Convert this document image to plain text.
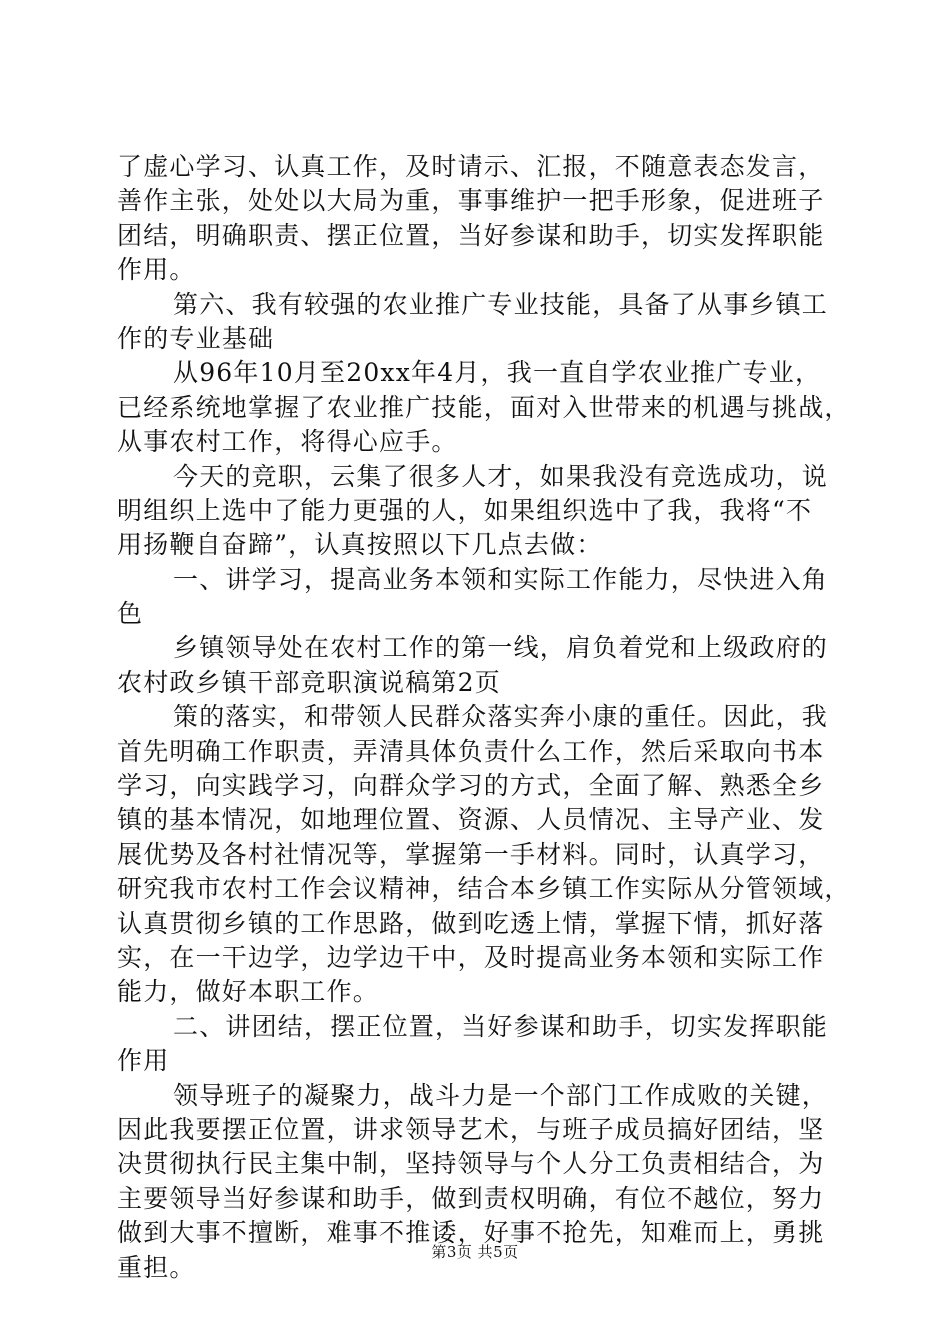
了虚心学习、认真工作，及时请示、汇报，不随意表态发言，
善作主张，处处以大局为重，事事维护一把手形象，促进班子
团结，明确职责、摆正位置，当好参谋和助手，切实发挥职能
作用。
第六、我有较强的农业推广专业技能，具备了从事乡镇工
作的专业基础
从96年10月至20xx年4月，我一直自学农业推广专业，
已经系统地掌握了农业推广技能，面对入世带来的机遇与挑战，
从事农村工作，将得心应手。
今天的竞职，云集了很多人才，如果我没有竞选成功，说
明组织上选中了能力更强的人，如果组织选中了我，我将“不
用扬鞭自奋蹄”，认真按照以下几点去做：
一、讲学习，提高业务本领和实际工作能力，尽快进入角
色
乡镇领导处在农村工作的第一线，肩负着党和上级政府的
农村政乡镇干部竞职演说稿第2页
策的落实，和带领人民群众落实奔小康的重任。因此，我
首先明确工作职责，弄清具体负责什么工作，然后采取向书本
学习，向实践学习，向群众学习的方式，全面了解、熟悉全乡
镇的基本情况，如地理位置、资源、人员情况、主导产业、发
展优势及各村社情况等，掌握第一手材料。同时，认真学习，
研究我市农村工作会议精神，结合本乡镇工作实际从分管领域，
认真贯彻乡镇的工作思路，做到吃透上情，掌握下情，抓好落
实，在一干边学，边学边干中，及时提高业务本领和实际工作
能力，做好本职工作。
二、讲团结，摆正位置，当好参谋和助手，切实发挥职能
作用
领导班子的凝聚力，战斗力是一个部门工作成败的关键，
因此我要摆正位置，讲求领导艺术，与班子成员搞好团结，坚
决贯彻执行民主集中制，坚持领导与个人分工负责相结合，为
主要领导当好参谋和助手，做到责权明确，有位不越位，努力
做到大事不擅断，难事不推诿，好事不抢先，知难而上，勇挑
重担。
第3页 共5页
